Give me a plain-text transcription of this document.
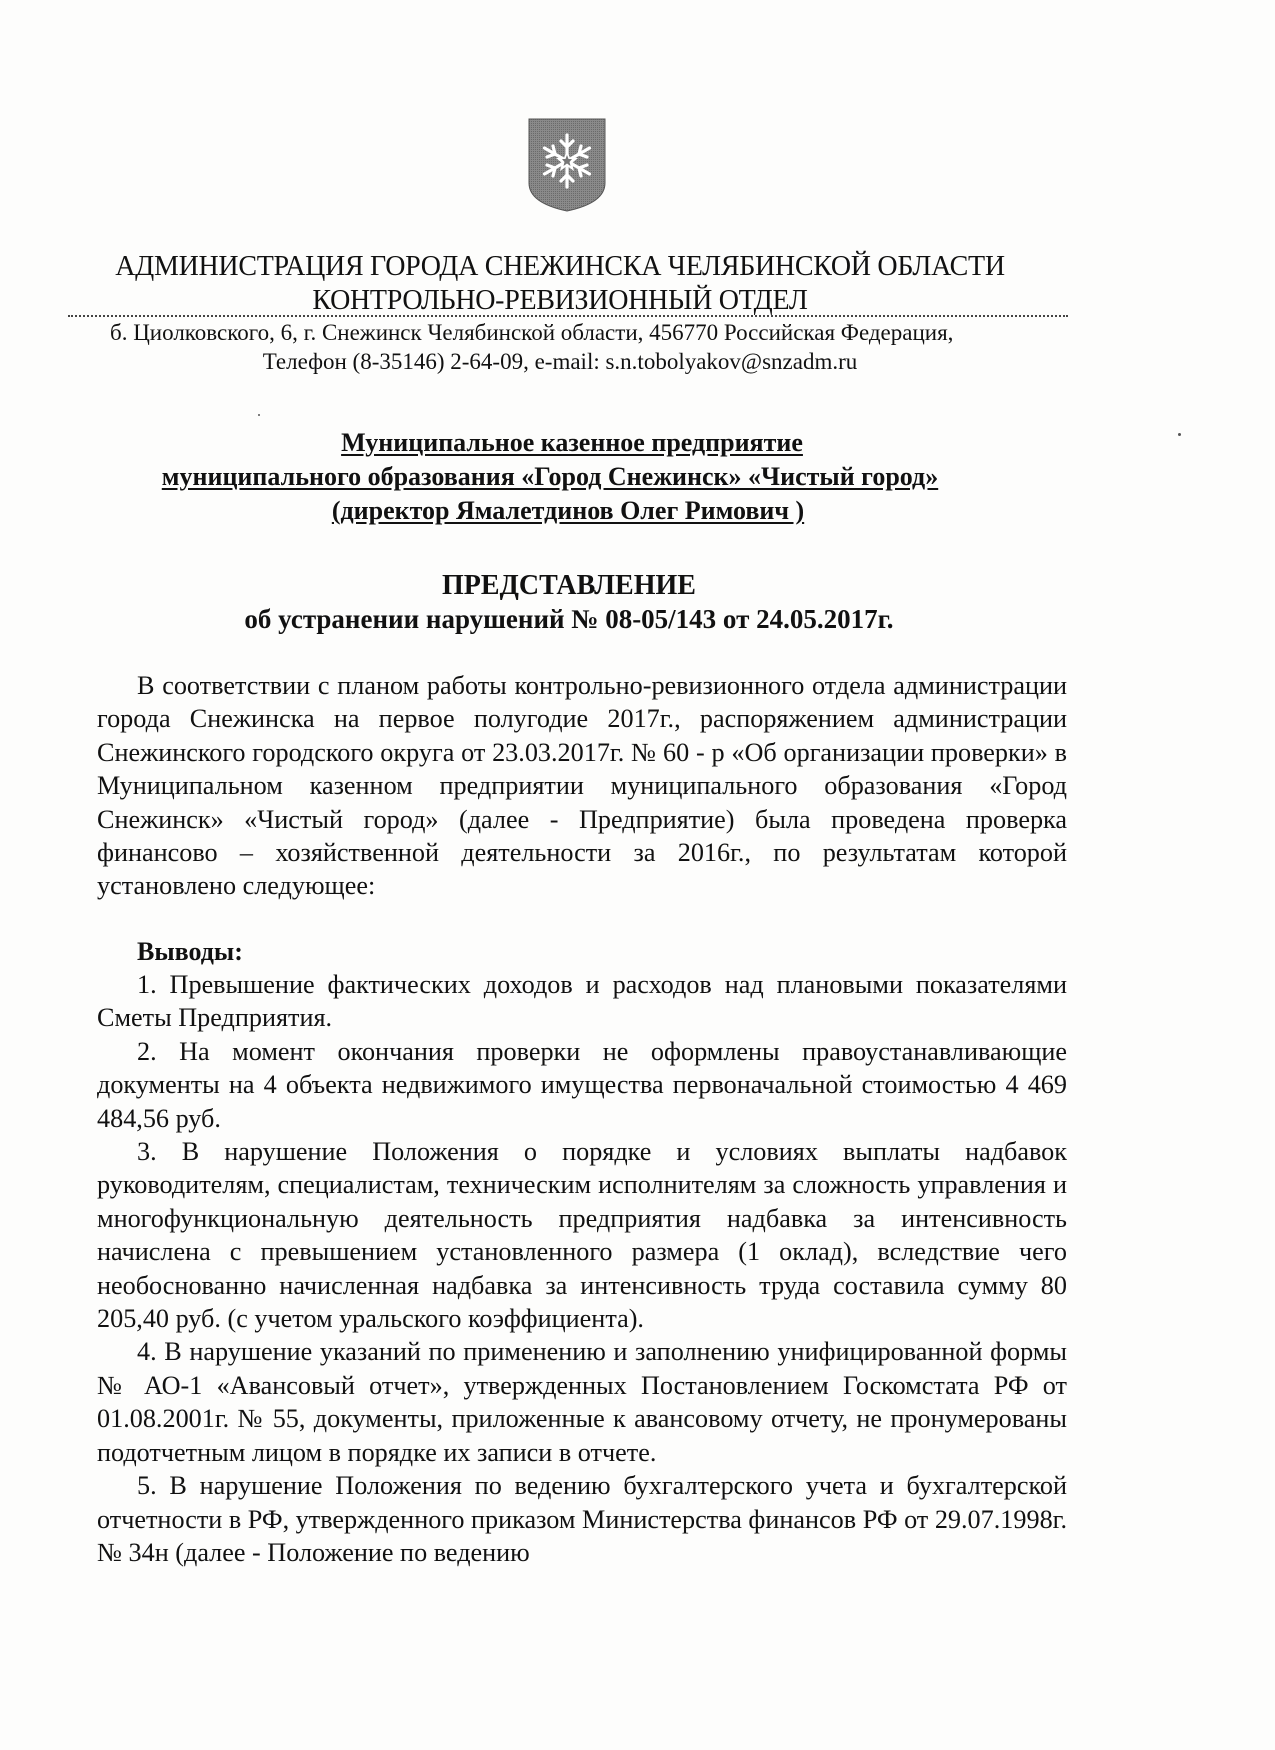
АДМИНИСТРАЦИЯ ГОРОДА СНЕЖИНСКА ЧЕЛЯБИНСКОЙ ОБЛАСТИ
КОНТРОЛЬНО-РЕВИЗИОННЫЙ ОТДЕЛ
б. Циолковского, 6, г. Снежинск Челябинской области, 456770 Российская Федерация,
Телефон (8-35146) 2-64-09, e-mail: s.n.tobolyakov@snzadm.ru
Муниципальное казенное предприятие
муниципального образования «Город Снежинск» «Чистый город»
(директор Ямалетдинов Олег Римович )
ПРЕДСТАВЛЕНИЕ
об устранении нарушений № 08-05/143 от 24.05.2017г.

В соответствии с планом работы контрольно-ревизионного отдела администрации города Снежинска на первое полугодие 2017г., распоряжением администрации Снежинского городского округа от 23.03.2017г. № 60 - р «Об организации проверки» в Муниципальном казенном предприятии муниципального образования «Город Снежинск» «Чистый город» (далее - Предприятие) была проведена проверка финансово – хозяйственной деятельности за 2016г., по результатам которой установлено следующее:

Выводы:

1. Превышение фактических доходов и расходов над плановыми показателями Сметы Предприятия.

2. На момент окончания проверки не оформлены правоустанавливающие документы на 4 объекта недвижимого имущества первоначальной стоимостью 4 469 484,56 руб.

3. В нарушение Положения о порядке и условиях выплаты надбавок руководителям, специалистам, техническим исполнителям за сложность управления и многофункциональную деятельность предприятия надбавка за интенсивность начислена с превышением установленного размера (1 оклад), вследствие чего необоснованно начисленная надбавка за интенсивность труда составила сумму 80 205,40 руб. (с учетом уральского коэффициента).

4. В нарушение указаний по применению и заполнению унифицированной формы № АО-1 «Авансовый отчет», утвержденных Постановлением Госкомстата РФ от 01.08.2001г. № 55, документы, приложенные к авансовому отчету, не пронумерованы подотчетным лицом в порядке их записи в отчете.

5. В нарушение Положения по ведению бухгалтерского учета и бухгалтерской отчетности в РФ, утвержденного приказом Министерства финансов РФ от 29.07.1998г. № 34н (далее - Положение по ведению
